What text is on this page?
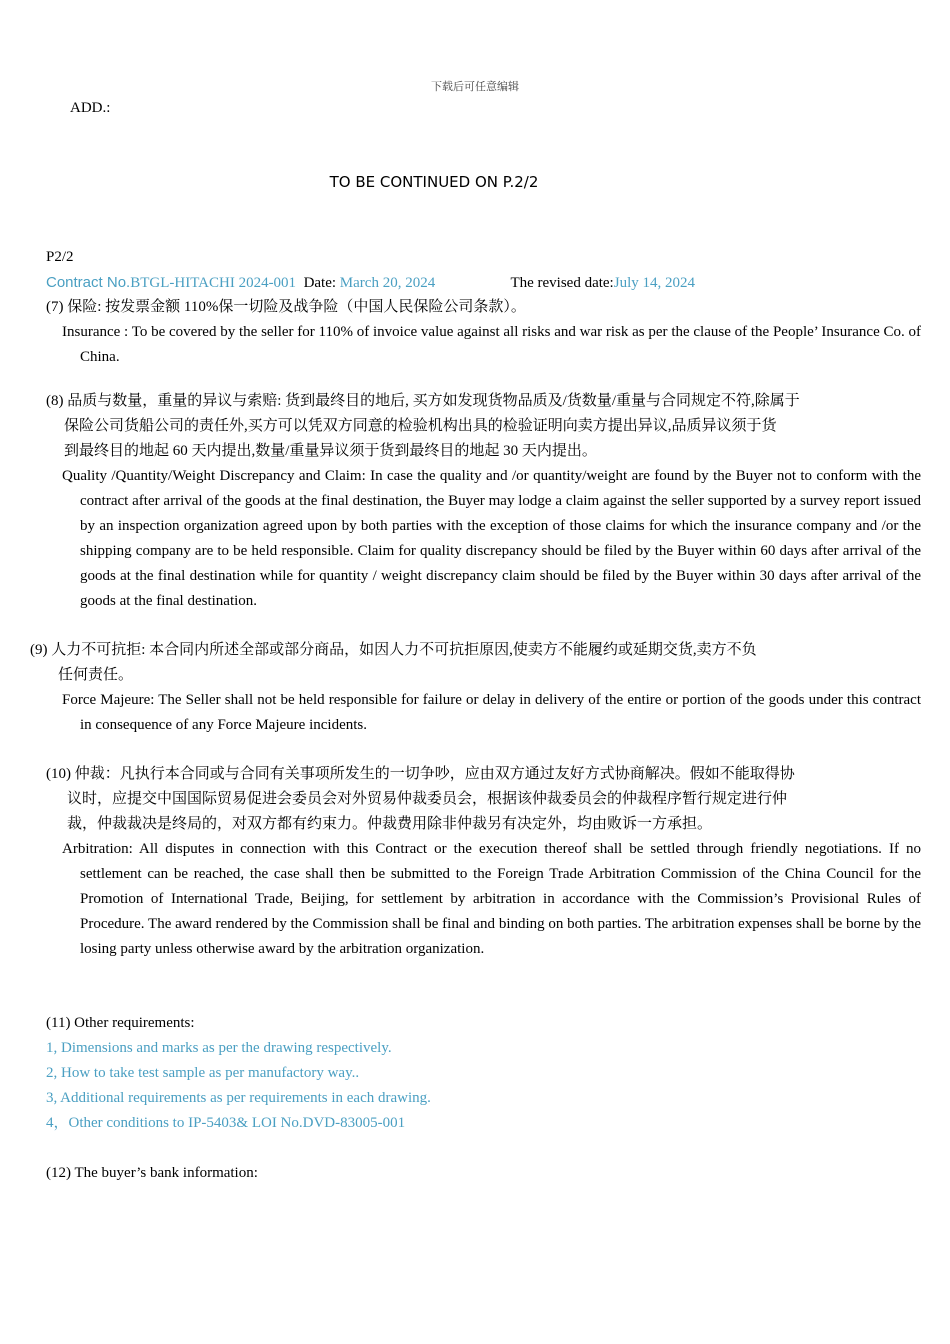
下载后可任意编辑
ADD.:
TO BE CONTINUED ON P.2/2
P2/2
Contract No.BTGL-HITACHI 2024-001 Date: March 20, 2024	The revised date:July 14, 2024
(7) 保险: 按发票金额 110%保一切险及战争险（中国人民保险公司条款）。
Insurance : To be covered by the seller for 110% of invoice value against all risks and war risk as per the clause of the People’ Insurance Co. of China.
(8) 品质与数量，重量的异议与索赔: 货到最终目的地后, 买方如发现货物品质及/货数量/重量与合同规定不符,除属于
保险公司货船公司的责任外,买方可以凭双方同意的检验机构出具的检验证明向卖方提出异议,品质异议须于货
到最终目的地起 60 天内提出,数量/重量异议须于货到最终目的地起 30 天内提出。
Quality /Quantity/Weight Discrepancy and Claim: In case the quality and /or quantity/weight are found by the Buyer not to conform with the contract after arrival of the goods at the final destination, the Buyer may lodge a claim against the seller supported by a survey report issued by an inspection organization agreed upon by both parties with the exception of those claims for which the insurance company and /or the shipping company are to be held responsible. Claim for quality discrepancy should be filed by the Buyer within 60 days after arrival of the goods at the final destination while for quantity / weight discrepancy claim should be filed by the Buyer within 30 days after arrival of the goods at the final destination.
(9) 人力不可抗拒: 本合同内所述全部或部分商品，如因人力不可抗拒原因,使卖方不能履约或延期交货,卖方不负
任何责任。
Force Majeure: The Seller shall not be held responsible for failure or delay in delivery of the entire or portion of the goods under this contract in consequence of any Force Majeure incidents.
(10) 仲裁：凡执行本合同或与合同有关事项所发生的一切争吵，应由双方通过友好方式协商解决。假如不能取得协
议时，应提交中国国际贸易促进会委员会对外贸易仲裁委员会，根据该仲裁委员会的仲裁程序暂行规定进行仲
裁，仲裁裁决是终局的，对双方都有约束力。仲裁费用除非仲裁另有决定外，均由败诉一方承担。
Arbitration: All disputes in connection with this Contract or the execution thereof shall be settled through friendly negotiations. If no settlement can be reached, the case shall then be submitted to the Foreign Trade Arbitration Commission of the China Council for the Promotion of International Trade, Beijing, for settlement by arbitration in accordance with the Commission’s Provisional Rules of Procedure. The award rendered by the Commission shall be final and binding on both parties. The arbitration expenses shall be borne by the losing party unless otherwise award by the arbitration organization.
(11) Other requirements:
1, Dimensions and marks as per the drawing respectively.
2, How to take test sample as per manufactory way..
3, Additional requirements as per requirements in each drawing.
4，Other conditions to IP-5403& LOI No.DVD-83005-001
(12) The buyer’s bank information:
